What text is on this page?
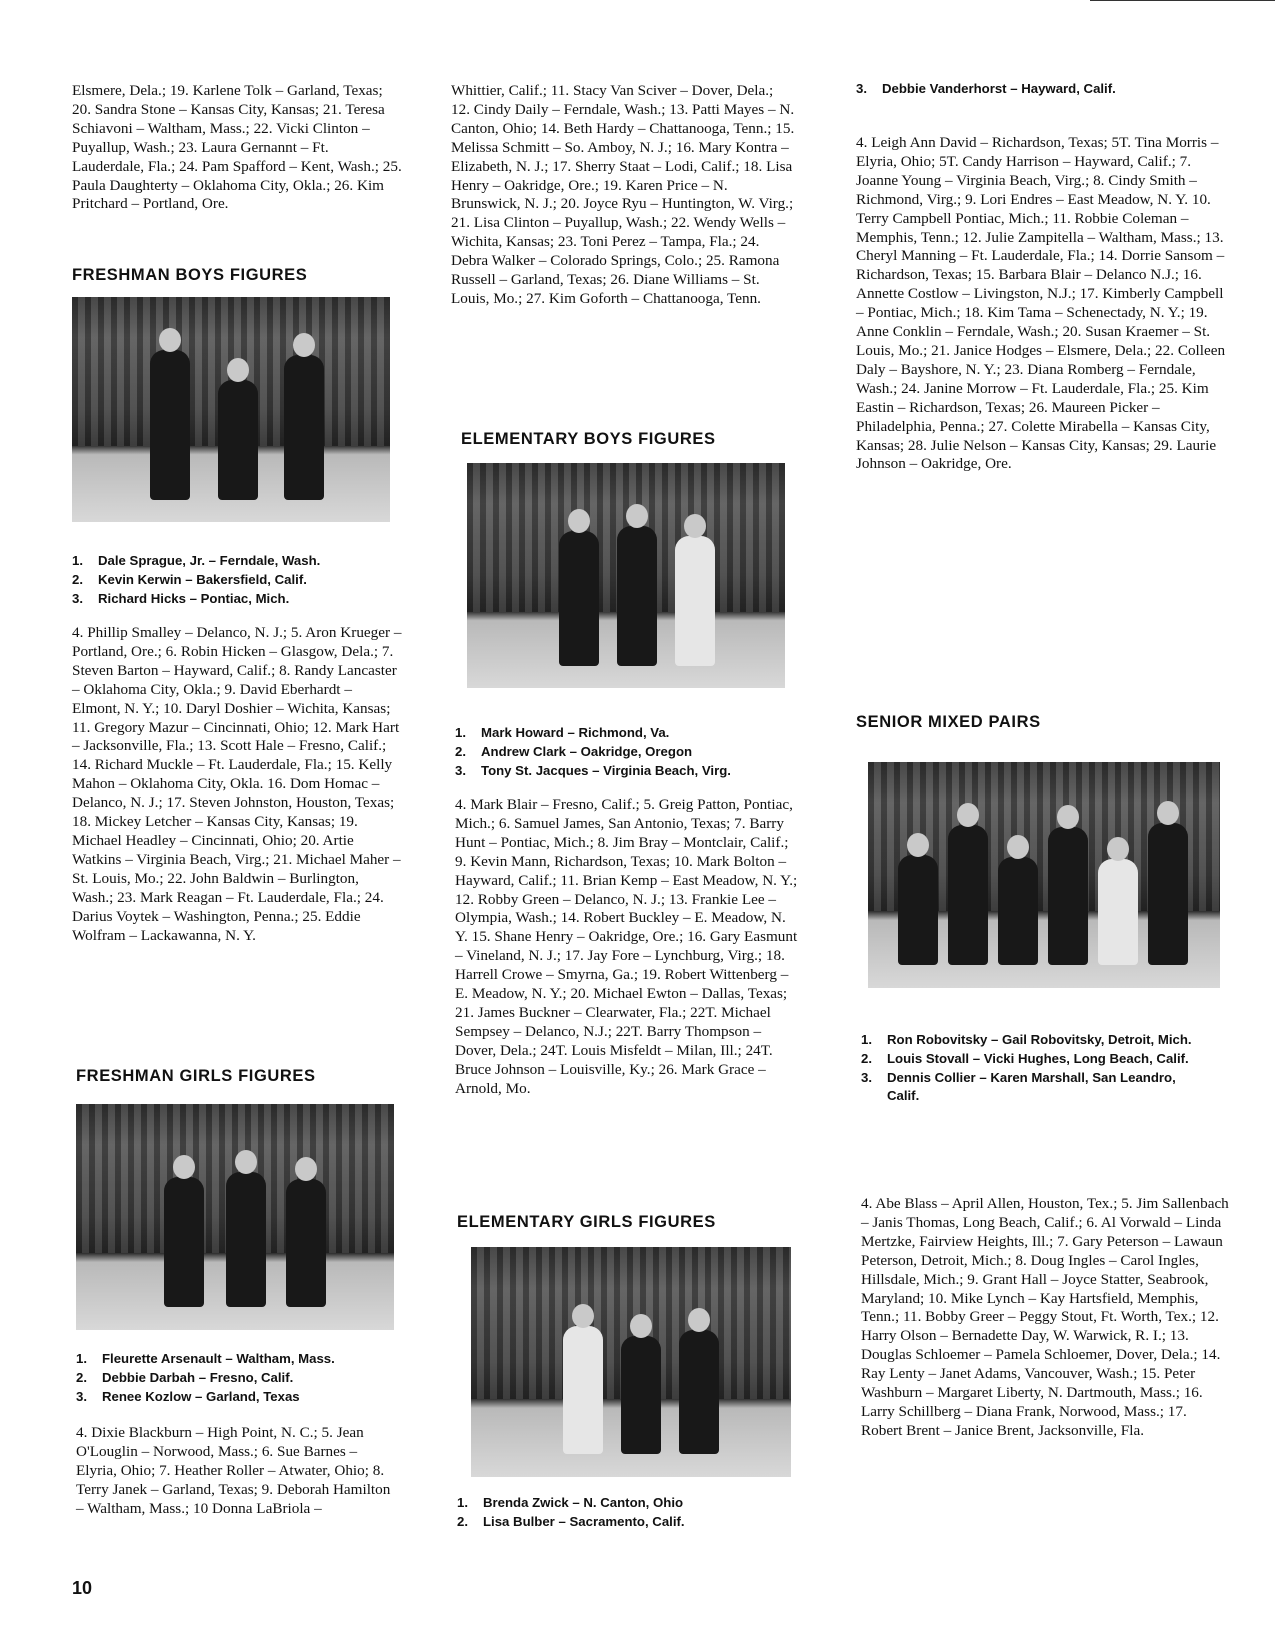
Elsmere, Dela.; 19. Karlene Tolk – Garland, Texas; 20. Sandra Stone – Kansas City, Kansas; 21. Teresa Schiavoni – Waltham, Mass.; 22. Vicki Clinton – Puyallup, Wash.; 23. Laura Gernannt – Ft. Lauderdale, Fla.; 24. Pam Spafford – Kent, Wash.; 25. Paula Daughterty – Oklahoma City, Okla.; 26. Kim Pritchard – Portland, Ore.

FRESHMAN BOYS FIGURES
1.	Dale Sprague, Jr. – Ferndale, Wash.
2.	Kevin Kerwin – Bakersfield, Calif.
3.	Richard Hicks – Pontiac, Mich.

4. Phillip Smalley – Delanco, N. J.; 5. Aron Krueger – Portland, Ore.; 6. Robin Hicken – Glasgow, Dela.; 7. Steven Barton – Hayward, Calif.; 8. Randy Lancaster – Oklahoma City, Okla.; 9. David Eberhardt – Elmont, N. Y.; 10. Daryl Doshier – Wichita, Kansas; 11. Gregory Mazur – Cincinnati, Ohio; 12. Mark Hart – Jacksonville, Fla.; 13. Scott Hale – Fresno, Calif.; 14. Richard Muckle – Ft. Lauderdale, Fla.; 15. Kelly Mahon – Oklahoma City, Okla. 16. Dom Homac – Delanco, N. J.; 17. Steven Johnston, Houston, Texas; 18. Mickey Letcher – Kansas City, Kansas; 19. Michael Headley – Cincinnati, Ohio; 20. Artie Watkins – Virginia Beach, Virg.; 21. Michael Maher – St. Louis, Mo.; 22. John Baldwin – Burlington, Wash.; 23. Mark Reagan – Ft. Lauderdale, Fla.; 24. Darius Voytek – Washington, Penna.; 25. Eddie Wolfram – Lackawanna, N. Y.

FRESHMAN GIRLS FIGURES
1.	Fleurette Arsenault – Waltham, Mass.
2.	Debbie Darbah – Fresno, Calif.
3.	Renee Kozlow – Garland, Texas

4. Dixie Blackburn – High Point, N. C.; 5. Jean O'Louglin – Norwood, Mass.; 6. Sue Barnes – Elyria, Ohio; 7. Heather Roller – Atwater, Ohio; 8. Terry Janek – Garland, Texas; 9. Deborah Hamilton – Waltham, Mass.; 10 Donna LaBriola –

Whittier, Calif.; 11. Stacy Van Sciver – Dover, Dela.; 12. Cindy Daily – Ferndale, Wash.; 13. Patti Mayes – N. Canton, Ohio; 14. Beth Hardy – Chattanooga, Tenn.; 15. Melissa Schmitt – So. Amboy, N. J.; 16. Mary Kontra – Elizabeth, N. J.; 17. Sherry Staat – Lodi, Calif.; 18. Lisa Henry – Oakridge, Ore.; 19. Karen Price – N. Brunswick, N. J.; 20. Joyce Ryu – Huntington, W. Virg.; 21. Lisa Clinton – Puyallup, Wash.; 22. Wendy Wells – Wichita, Kansas; 23. Toni Perez – Tampa, Fla.; 24. Debra Walker – Colorado Springs, Colo.; 25. Ramona Russell – Garland, Texas; 26. Diane Williams – St. Louis, Mo.; 27. Kim Goforth – Chattanooga, Tenn.

ELEMENTARY BOYS FIGURES
1.	Mark Howard – Richmond, Va.
2.	Andrew Clark – Oakridge, Oregon
3.	Tony St. Jacques – Virginia Beach, Virg.

4. Mark Blair – Fresno, Calif.; 5. Greig Patton, Pontiac, Mich.; 6. Samuel James, San Antonio, Texas; 7. Barry Hunt – Pontiac, Mich.; 8. Jim Bray – Montclair, Calif.; 9. Kevin Mann, Richardson, Texas; 10. Mark Bolton – Hayward, Calif.; 11. Brian Kemp – East Meadow, N. Y.; 12. Robby Green – Delanco, N. J.; 13. Frankie Lee – Olympia, Wash.; 14. Robert Buckley – E. Meadow, N. Y. 15. Shane Henry – Oakridge, Ore.; 16. Gary Easmunt – Vineland, N. J.; 17. Jay Fore – Lynchburg, Virg.; 18. Harrell Crowe – Smyrna, Ga.; 19. Robert Wittenberg – E. Meadow, N. Y.; 20. Michael Ewton – Dallas, Texas; 21. James Buckner – Clearwater, Fla.; 22T. Michael Sempsey – Delanco, N.J.; 22T. Barry Thompson – Dover, Dela.; 24T. Louis Misfeldt – Milan, Ill.; 24T. Bruce Johnson – Louisville, Ky.; 26. Mark Grace – Arnold, Mo.

ELEMENTARY GIRLS FIGURES
1.	Brenda Zwick – N. Canton, Ohio
2.	Lisa Bulber – Sacramento, Calif.
3.	Debbie Vanderhorst – Hayward, Calif.

4. Leigh Ann David – Richardson, Texas; 5T. Tina Morris – Elyria, Ohio; 5T. Candy Harrison – Hayward, Calif.; 7. Joanne Young – Virginia Beach, Virg.; 8. Cindy Smith – Richmond, Virg.; 9. Lori Endres – East Meadow, N. Y. 10. Terry Campbell Pontiac, Mich.; 11. Robbie Coleman – Memphis, Tenn.; 12. Julie Zampitella – Waltham, Mass.; 13. Cheryl Manning – Ft. Lauderdale, Fla.; 14. Dorrie Sansom – Richardson, Texas; 15. Barbara Blair – Delanco N.J.; 16. Annette Costlow – Livingston, N.J.; 17. Kimberly Campbell – Pontiac, Mich.; 18. Kim Tama – Schenectady, N. Y.; 19. Anne Conklin – Ferndale, Wash.; 20. Susan Kraemer – St. Louis, Mo.; 21. Janice Hodges – Elsmere, Dela.; 22. Colleen Daly – Bayshore, N. Y.; 23. Diana Romberg – Ferndale, Wash.; 24. Janine Morrow – Ft. Lauderdale, Fla.; 25. Kim Eastin – Richardson, Texas; 26. Maureen Picker – Philadelphia, Penna.; 27. Colette Mirabella – Kansas City, Kansas; 28. Julie Nelson – Kansas City, Kansas; 29. Laurie Johnson – Oakridge, Ore.

SENIOR MIXED PAIRS
1.	Ron Robovitsky – Gail Robovitsky, Detroit, Mich.
2.	Louis Stovall – Vicki Hughes, Long Beach, Calif.
3.	Dennis Collier – Karen Marshall, San Leandro, Calif.

4. Abe Blass – April Allen, Houston, Tex.; 5. Jim Sallenbach – Janis Thomas, Long Beach, Calif.; 6. Al Vorwald – Linda Mertzke, Fairview Heights, Ill.; 7. Gary Peterson – Lawaun Peterson, Detroit, Mich.; 8. Doug Ingles – Carol Ingles, Hillsdale, Mich.; 9. Grant Hall – Joyce Statter, Seabrook, Maryland; 10. Mike Lynch – Kay Hartsfield, Memphis, Tenn.; 11. Bobby Greer – Peggy Stout, Ft. Worth, Tex.; 12. Harry Olson – Bernadette Day, W. Warwick, R. I.; 13. Douglas Schloemer – Pamela Schloemer, Dover, Dela.; 14. Ray Lenty – Janet Adams, Vancouver, Wash.; 15. Peter Washburn – Margaret Liberty, N. Dartmouth, Mass.; 16. Larry Schillberg – Diana Frank, Norwood, Mass.; 17. Robert Brent – Janice Brent, Jacksonville, Fla.

10
